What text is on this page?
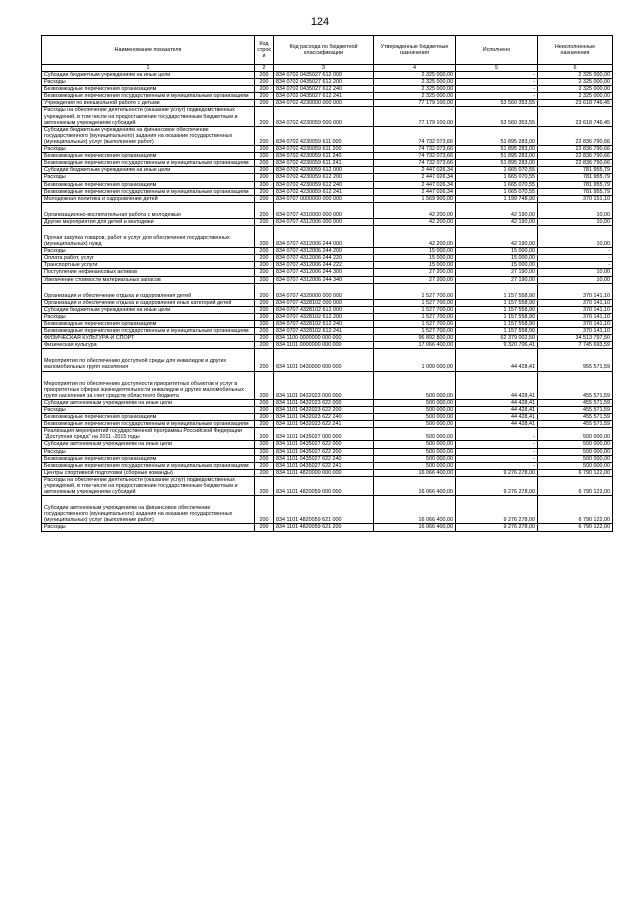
124
Наименование показателя	Код строк и	Код расхода по бюджетной классификации	Утвержденные бюджетные назначения	Исполнено	Неисполненные назначения
1	2	3	4	5	6
Субсидии бюджетным учреждениям на иные цели	200	834 0702 0435027 612 000	2 325 000,00	-	2 325 000,00
Расходы	200	834 0702 0435027 612 200	2 325 000,00	-	2 325 000,00
Безвозмездные перечисления организациям	200	834 0702 0435027 612 240	2 325 000,00	-	2 325 000,00
Безвозмездные перечисления государственным и муниципальным организациям	200	834 0702 0435027 612 241	2 325 000,00	-	2 325 000,00
Учреждения по внешкольной работе с детьми	200	834 0702 4230000 000 000	77 179 100,00	53 560 353,55	23 618 746,45
Расходы на обеспечение деятельности (оказание услуг) подведомственных учреждений, в том числе на предоставление государственным бюджетным и автономным учреждениям субсидий	200	834 0702 4230059 000 000	77 179 100,00	53 560 353,55	23 618 746,45
Субсидии бюджетным учреждениям на финансовое обеспечение государственного (муниципального) задания на оказание государственных (муниципальных) услуг (выполнение работ)	200	834 0702 4230059 611 000	74 732 073,66	51 895 283,00	22 836 790,66
Расходы	200	834 0702 4230059 611 200	74 732 073,66	51 895 283,00	22 836 790,66
Безвозмездные перечисления организациям	200	834 0702 4230059 611 240	74 732 073,66	51 895 283,00	22 836 790,66
Безвозмездные перечисления государственным и муниципальным организациям	200	834 0702 4230059 611 241	74 732 073,66	51 895 283,00	22 836 790,66
Субсидии бюджетным учреждениям на иные цели	200	834 0702 4230059 612 000	2 447 026,34	1 665 070,55	781 955,79
Расходы	200	834 0702 4230059 612 200	2 447 026,34	1 665 070,55	781 955,79
Безвозмездные перечисления организациям	200	834 0702 4230059 612 240	2 447 026,34	1 665 070,55	781 955,79
Безвозмездные перечисления государственным и муниципальным организациям	200	834 0702 4230059 612 241	2 447 026,34	1 665 070,55	781 955,79
Молодежная политика и оздоровление детей	200	834 0707 0000000 000 000	1 569 900,00	1 199 748,90	370 151,10
Организационно-воспитательная работа с молодежью	200	834 0707 4310000 000 000	42 200,00	42 190,00	10,00
Другие мероприятия для детей и молодежи	200	834 0707 4312006 000 000	42 200,00	42 190,00	10,00
Прочая закупка товаров, работ и услуг для обеспечения государственных (муниципальных) нужд	200	834 0707 4312006 244 000	42 200,00	42 190,00	10,00
Расходы	200	834 0707 4312006 244 200	15 000,00	15 000,00	-
Оплата работ, услуг	200	834 0707 4312006 244 220	15 000,00	15 000,00	-
Транспортные услуги	200	834 0707 4312006 244 222	15 000,00	15 000,00	-
Поступление нефинансовых активов	200	834 0707 4312006 244 300	27 200,00	27 190,00	10,00
Увеличение стоимости материальных запасов	200	834 0707 4312006 244 340	27 200,00	27 190,00	10,00
Организация и обеспечение отдыха и оздоровления детей	200	834 0707 4320000 000 000	1 527 700,00	1 157 558,90	370 141,10
Организация и обеспечение отдыха и оздоровления иных категорий детей	200	834 0707 4328102 000 000	1 527 700,00	1 157 558,90	370 141,10
Субсидии бюджетным учреждениям на иные цели	200	834 0707 4328102 612 000	1 527 700,00	1 157 558,90	370 141,10
Расходы	200	834 0707 4328102 612 200	1 527 700,00	1 157 558,90	370 141,10
Безвозмездные перечисления организациям	200	834 0707 4328102 612 240	1 527 700,00	1 157 558,90	370 141,10
Безвозмездные перечисления государственным и муниципальным организациям	200	834 0707 4328102 612 241	1 527 700,00	1 157 558,90	370 141,10
ФИЗИЧЕСКАЯ КУЛЬТУРА И СПОРТ	200	834 1100 0000000 000 000	96 892 800,00	62 379 002,50	34 513 797,50
Физическая культура	200	834 1101 0000000 000 000	17 066 400,00	9 320 706,41	7 745 693,59
Мероприятия по обеспечению доступной среды для инвалидов и других маломобильных групп населения	200	834 1101 0430000 000 000	1 000 000,00	44 428,41	955 571,59
Мероприятия по обеспечению доступности приоритетных объектов и услуг в приоритетных сферах жизнедеятельности инвалидов и других маломобильных групп населения за счет средств областного бюджета	200	834 1101 0432023 000 000	500 000,00	44 428,41	455 571,59
Субсидии автономным учреждениям на иные цели	200	834 1101 0432023 622 000	500 000,00	44 428,41	455 571,59
Расходы	200	834 1101 0432023 622 200	500 000,00	44 428,41	455 571,59
Безвозмездные перечисления организациям	200	834 1101 0432023 622 240	500 000,00	44 428,41	455 571,59
Безвозмездные перечисления государственным и муниципальным организациям	200	834 1101 0432023 622 241	500 000,00	44 428,41	455 571,59
Реализация мероприятий государственной программы Российской Федерации "Доступная среда" на 2011 -2015 годы	200	834 1101 0435027 000 000	500 000,00	-	500 000,00
Субсидии автономным учреждениям на иные цели	200	834 1101 0435027 622 000	500 000,00	-	500 000,00
Расходы	200	834 1101 0435027 622 200	500 000,00	-	500 000,00
Безвозмездные перечисления организациям	200	834 1101 0435027 622 240	500 000,00	-	500 000,00
Безвозмездные перечисления государственным и муниципальным организациям	200	834 1101 0435027 622 241	500 000,00	-	500 000,00
Центры спортивной подготовки (сборные команды)	200	834 1101 4820000 000 000	16 066 400,00	9 276 278,00	6 790 122,00
Расходы на обеспечение деятельности (оказание услуг) подведомственных учреждений, в том числе на предоставление государственным бюджетным и автономным учреждениям субсидий	200	834 1101 4820059 000 000	16 066 400,00	9 276 278,00	6 790 122,00
Субсидии автономным учреждениям на финансовое обеспечение государственного (муниципального) задания на оказание государственных (муниципальных) услуг (выполнение работ)	200	834 1101 4820059 621 000	16 066 400,00	9 276 278,00	6 790 122,00
Расходы	200	834 1101 4820059 621 200	16 066 400,00	9 276 278,00	6 790 122,00
